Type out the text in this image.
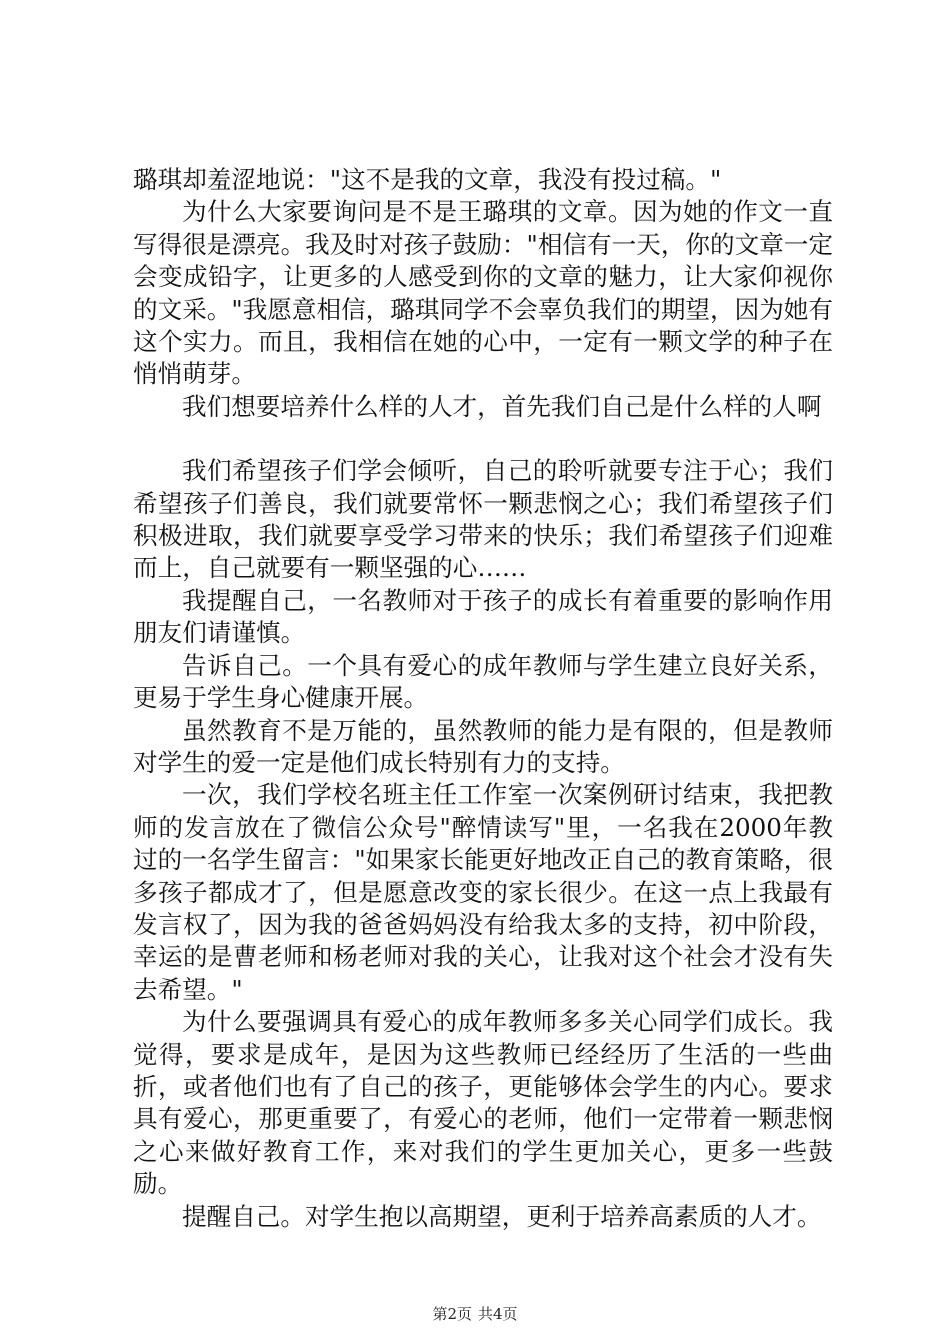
璐琪却羞涩地说："这不是我的文章，我没有投过稿。"

为什么大家要询问是不是王璐琪的文章。因为她的作文一直写得很是漂亮。我及时对孩子鼓励："相信有一天，你的文章一定会变成铅字，让更多的人感受到你的文章的魅力，让大家仰视你的文采。"我愿意相信，璐琪同学不会辜负我们的期望，因为她有这个实力。而且，我相信在她的心中，一定有一颗文学的种子在悄悄萌芽。

我们想要培养什么样的人才，首先我们自己是什么样的人啊

我们希望孩子们学会倾听，自己的聆听就要专注于心；我们希望孩子们善良，我们就要常怀一颗悲悯之心；我们希望孩子们积极进取，我们就要享受学习带来的快乐；我们希望孩子们迎难而上，自己就要有一颗坚强的心……

我提醒自己，一名教师对于孩子的成长有着重要的影响作用朋友们请谨慎。

告诉自己。一个具有爱心的成年教师与学生建立良好关系，更易于学生身心健康开展。

虽然教育不是万能的，虽然教师的能力是有限的，但是教师对学生的爱一定是他们成长特别有力的支持。

一次，我们学校名班主任工作室一次案例研讨结束，我把教师的发言放在了微信公众号"醉情读写"里，一名我在2000年教过的一名学生留言："如果家长能更好地改正自己的教育策略，很多孩子都成才了，但是愿意改变的家长很少。在这一点上我最有发言权了，因为我的爸爸妈妈没有给我太多的支持，初中阶段，幸运的是曹老师和杨老师对我的关心，让我对这个社会才没有失去希望。"

为什么要强调具有爱心的成年教师多多关心同学们成长。我觉得，要求是成年，是因为这些教师已经经历了生活的一些曲折，或者他们也有了自己的孩子，更能够体会学生的内心。要求具有爱心，那更重要了，有爱心的老师，他们一定带着一颗悲悯之心来做好教育工作，来对我们的学生更加关心，更多一些鼓励。

提醒自己。对学生抱以高期望，更利于培养高素质的人才。

第2页 共4页
